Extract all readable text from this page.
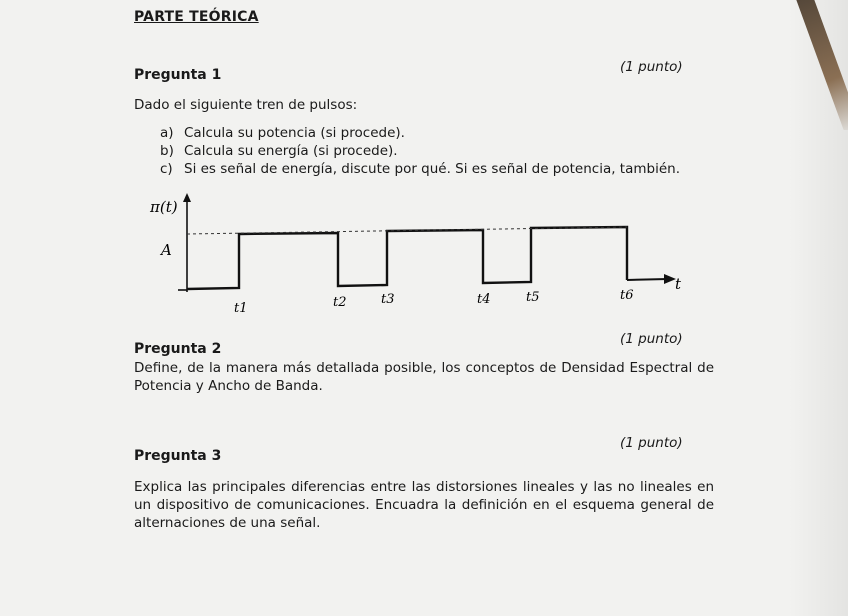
PARTE TEÓRICA
Pregunta 1	(1 punto)
Dado el siguiente tren de pulsos:
a) Calcula su potencia (si procede).
b) Calcula su energía (si procede).
c) Si es señal de energía, discute por qué. Si es señal de potencia, también.
π(t)
A
t
t1	t2	t3	t4	t5	t6
Pregunta 2
(1 punto)
Define, de la manera más detallada posible, los conceptos de Densidad Espectral de Potencia y Ancho de Banda.
Pregunta 3
(1 punto)
Explica las principales diferencias entre las distorsiones lineales y las no lineales en un dispositivo de comunicaciones. Encuadra la definición en el esquema general de alternaciones de una señal.
